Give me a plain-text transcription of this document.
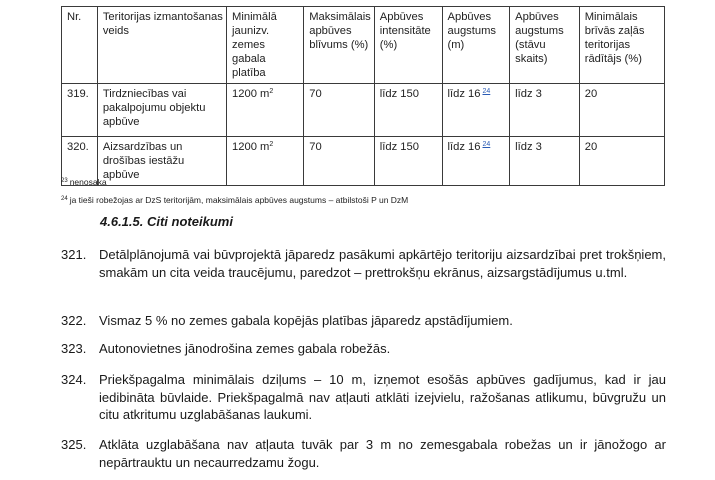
Nr.	Teritorijas izmantošanas veids	Minimālā jaunizv. zemes gabala platība	Maksimālais apbūves blīvums (%)	Apbūves intensitāte (%)	Apbūves augstums (m)	Apbūves augstums (stāvu skaits)	Minimālais brīvās zaļās teritorijas rādītājs (%)
319.	Tirdzniecības vai pakalpojumu objektu apbūve	1200 $m^2$	70	līdz 150	līdz 16 $^{24}$	līdz 3	20
320.	Aizsardzības un drošības iestāžu apbūve	1200 $m^2$	70	līdz 150	līdz 16 $^{24}$	līdz 3	20
$^{23}$ nenosaka
$^{24}$ ja tieši robežojas ar DzS teritorijām, maksimālais apbūves augstums – atbilstoši P un DzM
4.6.1.5. Citi noteikumi
321. Detālplānojumā vai būvprojektā jāparedz pasākumi apkārtējo teritoriju aizsardzībai pret trokšņiem, smakām un cita veida traucējumu, paredzot – prettrokšņu ekrānus, aizsargstādījumus u.tml.
322. Vismaz 5 % no zemes gabala kopējās platības jāparedz apstādījumiem.
323. Autonovietnes jānodrošina zemes gabala robežās.
324. Priekšpagalma minimālais dziļums – 10 m, izņemot esošās apbūves gadījumus, kad ir jau iedibināta būvlaide. Priekšpagalmā nav atļauti atklāti izejvielu, ražošanas atlikumu, būvgružu un citu atkritumu uzglabāšanas laukumi.
325. Atklāta uzglabāšana nav atļauta tuvāk par 3 m no zemesgabala robežas un ir jānožogo ar nepārtrauktu un necaurredzamu žogu.
